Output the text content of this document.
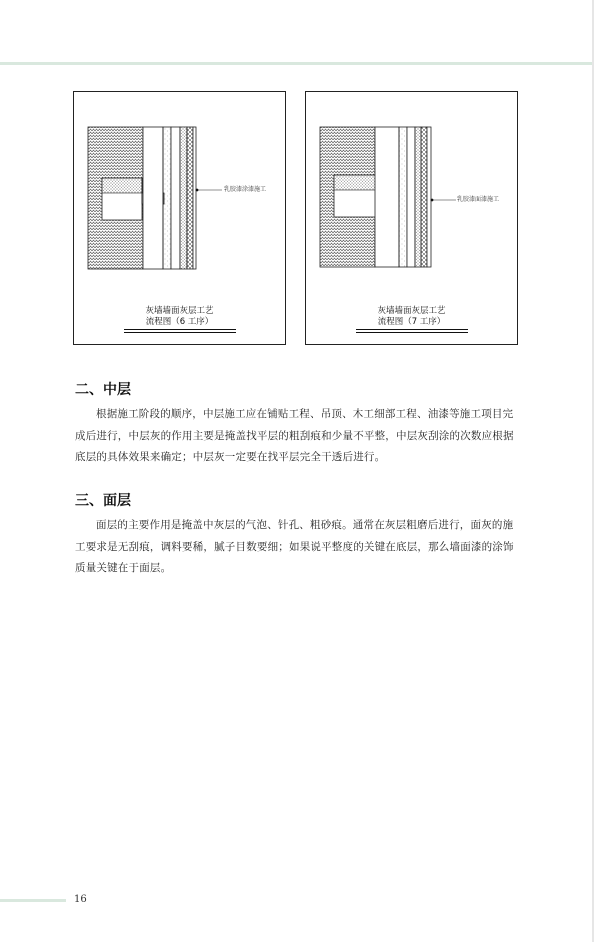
乳胶漆涂漆施工
灰墙墙面灰层工艺
流程图（6 工序）
乳胶漆面漆施工
灰墙墙面灰层工艺
流程图（7 工序）
二、中层

根据施工阶段的顺序，中层施工应在铺贴工程、吊顶、木工细部工程、油漆等施工项目完成后进行，中层灰的作用主要是掩盖找平层的粗刮痕和少量不平整，中层灰刮涂的次数应根据底层的具体效果来确定；中层灰一定要在找平层完全干透后进行。

三、面层

面层的主要作用是掩盖中灰层的气泡、针孔、粗砂痕。通常在灰层粗磨后进行，面灰的施工要求是无刮痕，调料要稀，腻子目数要细；如果说平整度的关键在底层，那么墙面漆的涂饰质量关键在于面层。

16
